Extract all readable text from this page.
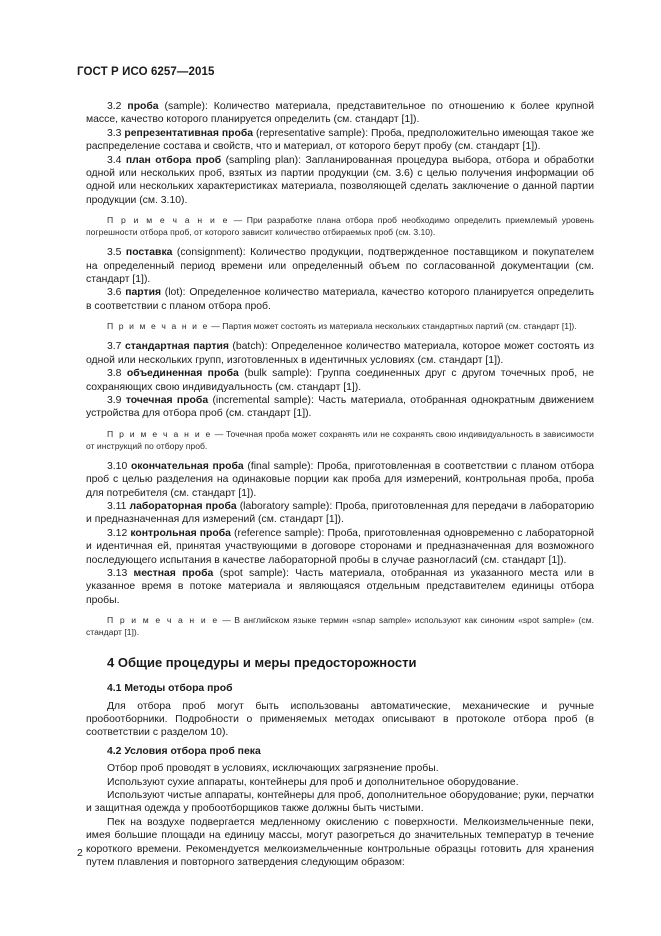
ГОСТ Р ИСО 6257—2015

3.2 проба (sample): Количество материала, представительное по отношению к более крупной массе, качество которого планируется определить (см. стандарт [1]).

3.3 репрезентативная проба (representative sample): Проба, предположительно имеющая такое же распределение состава и свойств, что и материал, от которого берут пробу (см. стандарт [1]).

3.4 план отбора проб (sampling plan): Запланированная процедура выбора, отбора и обработки одной или нескольких проб, взятых из партии продукции (см. 3.6) с целью получения информации об одной или нескольких характеристиках материала, позволяющей сделать заключение о данной партии продукции (см. 3.10).

П р и м е ч а н и е — При разработке плана отбора проб необходимо определить приемлемый уровень погрешности отбора проб, от которого зависит количество отбираемых проб (см. 3.10).

3.5 поставка (consignment): Количество продукции, подтвержденное поставщиком и покупателем на определенный период времени или определенный объем по согласованной документации (см. стандарт [1]).

3.6 партия (lot): Определенное количество материала, качество которого планируется определить в соответствии с планом отбора проб.

П р и м е ч а н и е — Партия может состоять из материала нескольких стандартных партий (см. стандарт [1]).

3.7 стандартная партия (batch): Определенное количество материала, которое может состоять из одной или нескольких групп, изготовленных в идентичных условиях (см. стандарт [1]).

3.8 объединенная проба (bulk sample): Группа соединенных друг с другом точечных проб, не сохраняющих свою индивидуальность (см. стандарт [1]).

3.9 точечная проба (incremental sample): Часть материала, отобранная однократным движением устройства для отбора проб (см. стандарт [1]).

П р и м е ч а н и е — Точечная проба может сохранять или не сохранять свою индивидуальность в зависимости от инструкций по отбору проб.

3.10 окончательная проба (final sample): Проба, приготовленная в соответствии с планом отбора проб с целью разделения на одинаковые порции как проба для измерений, контрольная проба, проба для потребителя (см. стандарт [1]).

3.11 лабораторная проба (laboratory sample): Проба, приготовленная для передачи в лабораторию и предназначенная для измерений (см. стандарт [1]).

3.12 контрольная проба (reference sample): Проба, приготовленная одновременно с лабораторной и идентичная ей, принятая участвующими в договоре сторонами и предназначенная для возможного последующего испытания в качестве лабораторной пробы в случае разногласий (см. стандарт [1]).

3.13 местная проба (spot sample): Часть материала, отобранная из указанного места или в указанное время в потоке материала и являющаяся отдельным представителем единицы отбора пробы.

П р и м е ч а н и е — В английском языке термин «snap sample» используют как синоним «spot sample» (см. стандарт [1]).

4 Общие процедуры и меры предосторожности
4.1 Методы отбора проб

Для отбора проб могут быть использованы автоматические, механические и ручные пробоотборники. Подробности о применяемых методах описывают в протоколе отбора проб (в соответствии с разделом 10).

4.2 Условия отбора проб пека

Отбор проб проводят в условиях, исключающих загрязнение пробы.

Используют сухие аппараты, контейнеры для проб и дополнительное оборудование.

Используют чистые аппараты, контейнеры для проб, дополнительное оборудование; руки, перчатки и защитная одежда у пробоотборщиков также должны быть чистыми.

Пек на воздухе подвергается медленному окислению с поверхности. Мелкоизмельченные пеки, имея большие площади на единицу массы, могут разогреться до значительных температур в течение короткого времени. Рекомендуется мелкоизмельченные контрольные образцы готовить для хранения путем плавления и повторного затвердения следующим образом:

2
